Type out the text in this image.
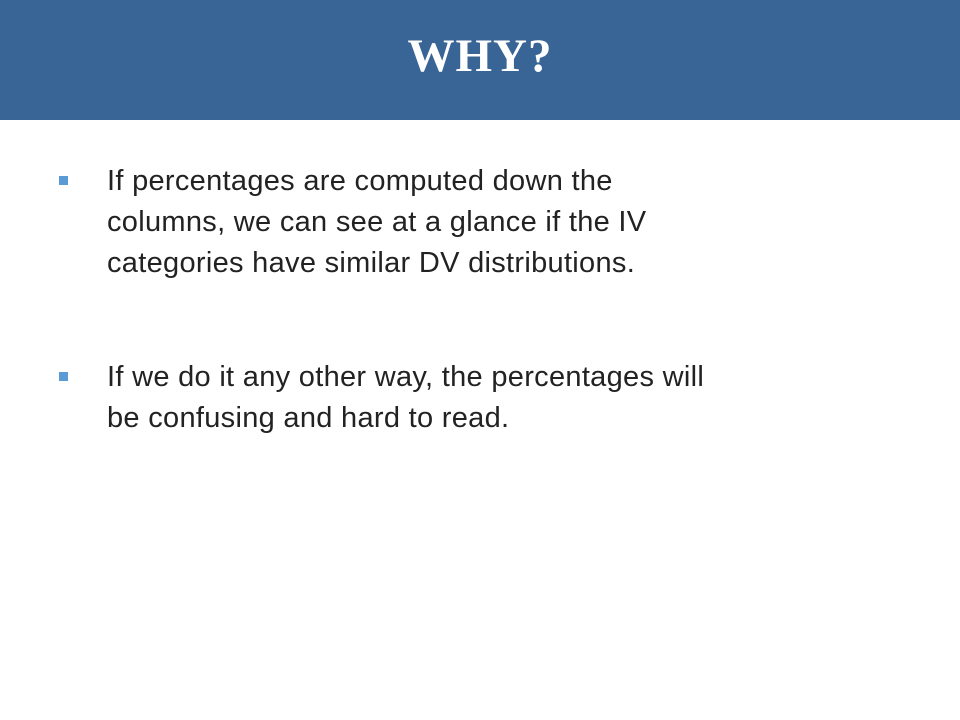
WHY?
If percentages are computed down the
columns, we can see at a glance if the IV
categories have similar DV distributions.
If we do it any other way, the percentages will
be confusing and hard to read.
